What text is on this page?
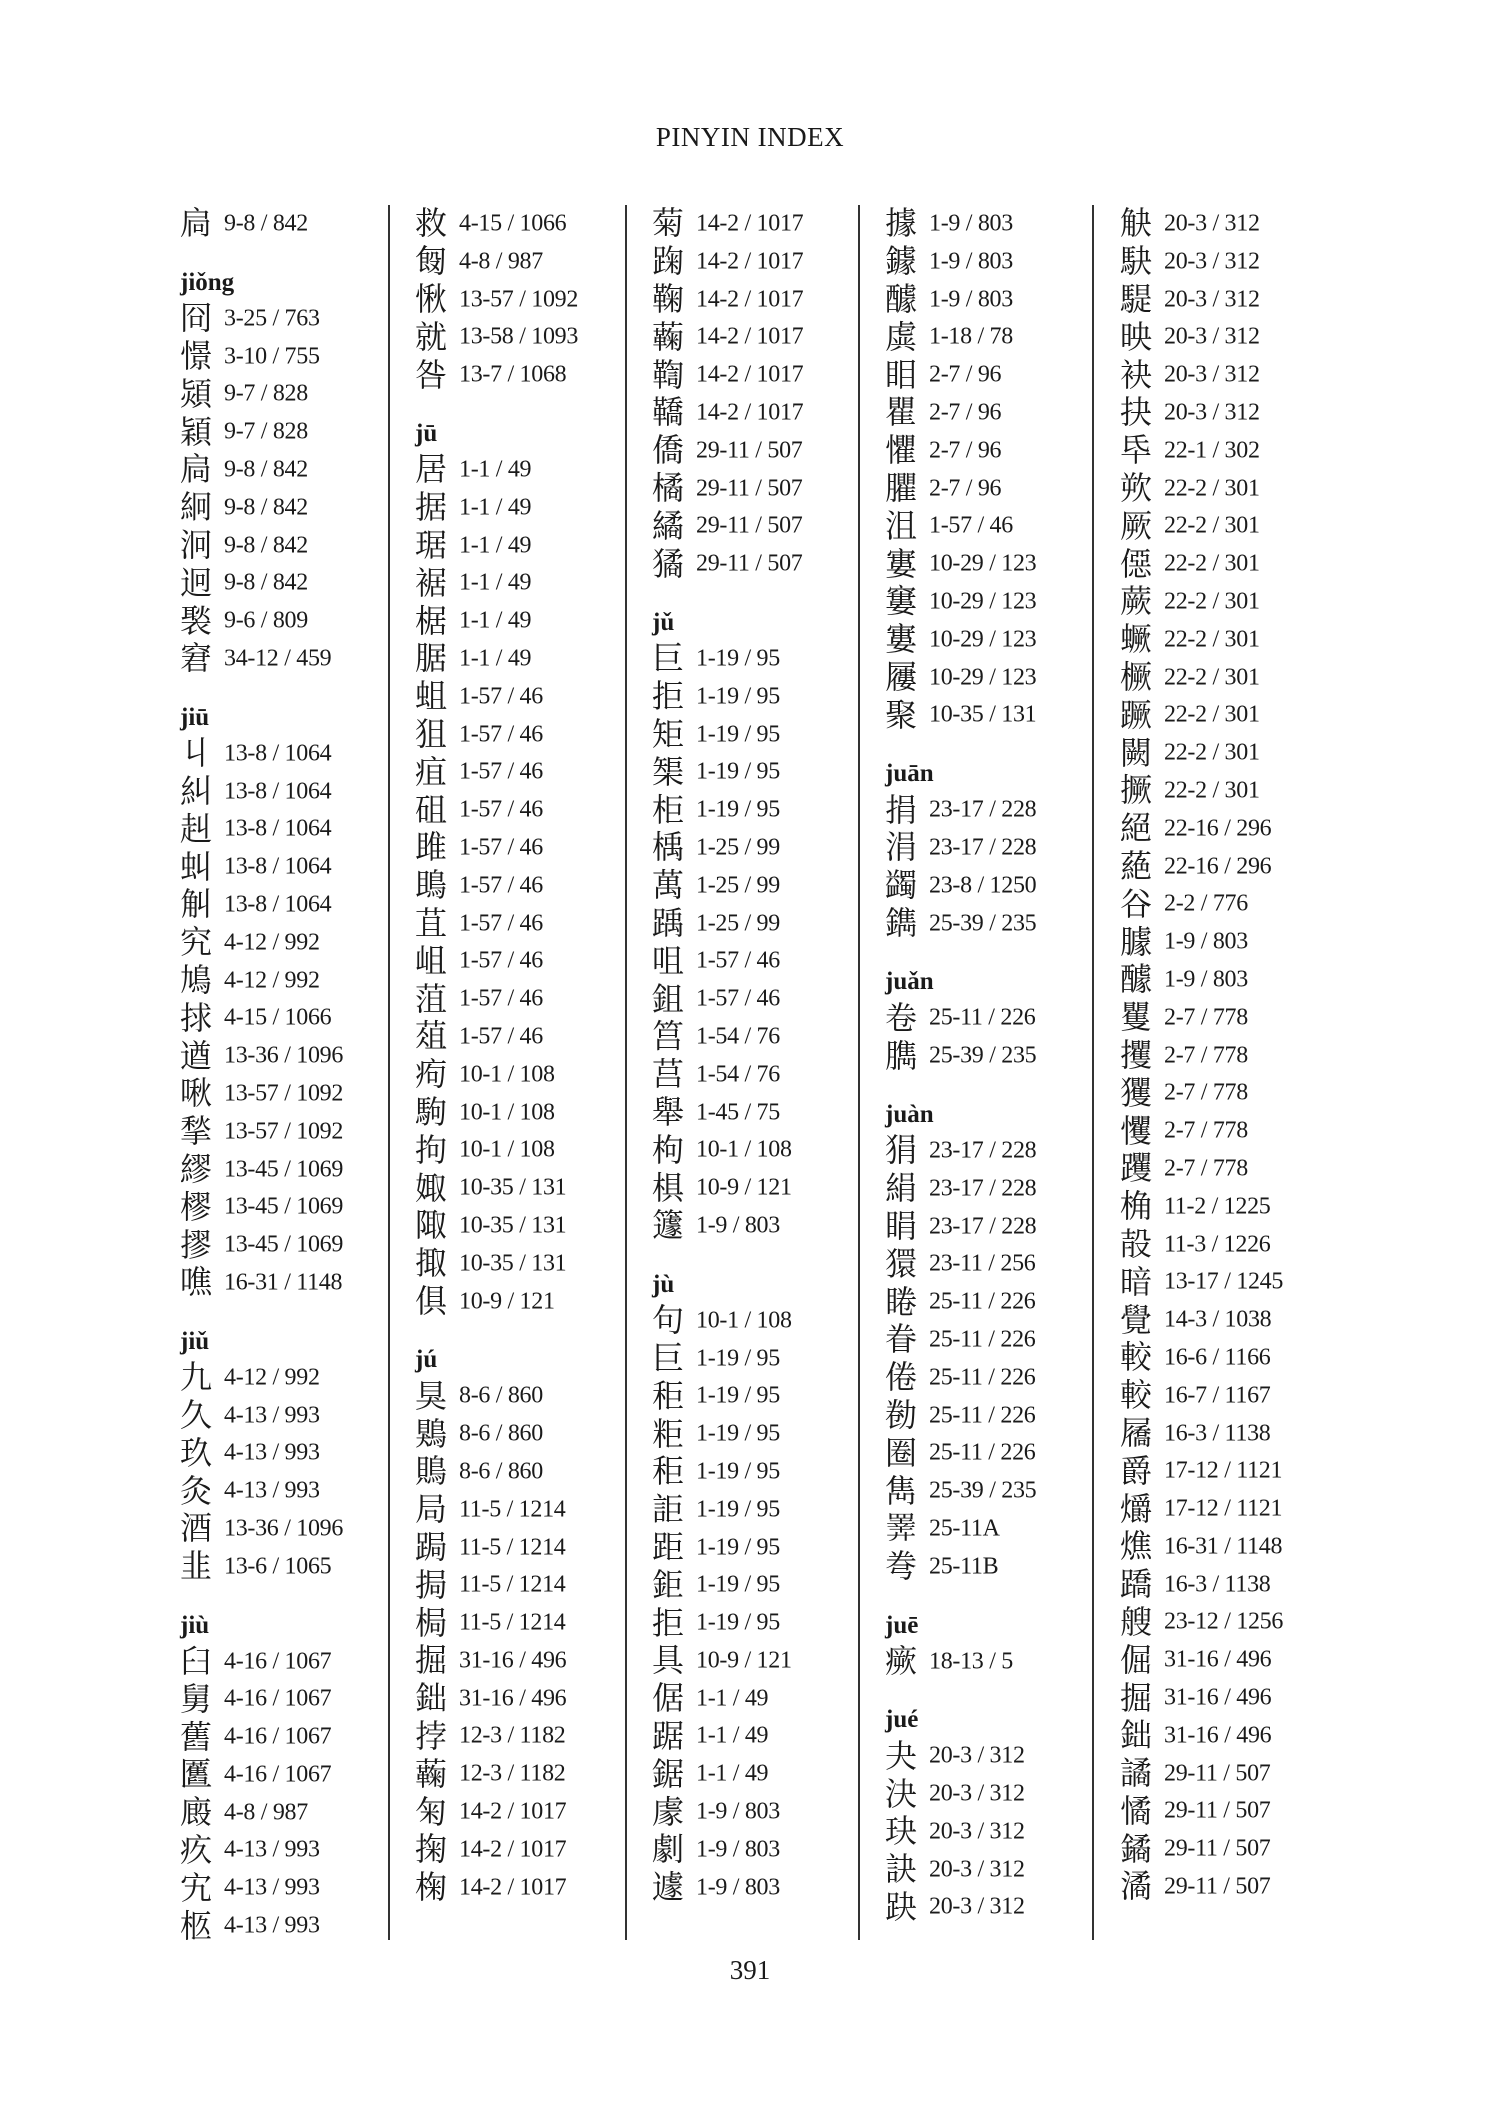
PINYIN INDEX
扃 9-8 / 842
jiǒng
冏 3-25 / 763
憬 3-10 / 755
熲 9-7 / 828
穎 9-7 / 828
扃 9-8 / 842
絅 9-8 / 842
泂 9-8 / 842
迥 9-8 / 842
褧 9-6 / 809
窘 34-12 / 459
jiū
丩 13-8 / 1064
糾 13-8 / 1064
赳 13-8 / 1064
虯 13-8 / 1064
觓 13-8 / 1064
究 4-12 / 992
鳩 4-12 / 992
捄 4-15 / 1066
遒 13-36 / 1096
啾 13-57 / 1092
揫 13-57 / 1092
繆 13-45 / 1069
樛 13-45 / 1069
摎 13-45 / 1069
噍 16-31 / 1148
jiǔ
九 4-12 / 992
久 4-13 / 993
玖 4-13 / 993
灸 4-13 / 993
酒 13-36 / 1096
韭 13-6 / 1065
jiù
臼 4-16 / 1067
舅 4-16 / 1067
舊 4-16 / 1067
匶 4-16 / 1067
廄 4-8 / 987
疚 4-13 / 993
宄 4-13 / 993
柩 4-13 / 993
救 4-15 / 1066
匓 4-8 / 987
愀 13-57 / 1092
就 13-58 / 1093
咎 13-7 / 1068
jū
居 1-1 / 49
据 1-1 / 49
琚 1-1 / 49
裾 1-1 / 49
椐 1-1 / 49
腒 1-1 / 49
蛆 1-57 / 46
狙 1-57 / 46
疽 1-57 / 46
砠 1-57 / 46
雎 1-57 / 46
鴡 1-57 / 46
苴 1-57 / 46
岨 1-57 / 46
菹 1-57 / 46
葅 1-57 / 46
痀 10-1 / 108
駒 10-1 / 108
拘 10-1 / 108
娵 10-35 / 131
陬 10-35 / 131
掫 10-35 / 131
俱 10-9 / 121
jú
狊 8-6 / 860
鶪 8-6 / 860
鵙 8-6 / 860
局 11-5 / 1214
跼 11-5 / 1214
挶 11-5 / 1214
梮 11-5 / 1214
掘 31-16 / 496
鈯 31-16 / 496
挬 12-3 / 1182
蘜 12-3 / 1182
匊 14-2 / 1017
掬 14-2 / 1017
椈 14-2 / 1017
菊 14-2 / 1017
踘 14-2 / 1017
鞠 14-2 / 1017
蘜 14-2 / 1017
鞫 14-2 / 1017
鞽 14-2 / 1017
僑 29-11 / 507
橘 29-11 / 507
繘 29-11 / 507
獝 29-11 / 507
jǔ
巨 1-19 / 95
拒 1-19 / 95
矩 1-19 / 95
榘 1-19 / 95
柜 1-19 / 95
楀 1-25 / 99
萬 1-25 / 99
踽 1-25 / 99
咀 1-57 / 46
鉏 1-57 / 46
筥 1-54 / 76
莒 1-54 / 76
舉 1-45 / 75
枸 10-1 / 108
椇 10-9 / 121
籧 1-9 / 803
jù
句 10-1 / 108
巨 1-19 / 95
秬 1-19 / 95
粔 1-19 / 95
秬 1-19 / 95
詎 1-19 / 95
距 1-19 / 95
鉅 1-19 / 95
拒 1-19 / 95
具 10-9 / 121
倨 1-1 / 49
踞 1-1 / 49
鋸 1-1 / 49
豦 1-9 / 803
劇 1-9 / 803
遽 1-9 / 803
據 1-9 / 803
鐻 1-9 / 803
醵 1-9 / 803
虡 1-18 / 78
䀠 2-7 / 96
瞿 2-7 / 96
懼 2-7 / 96
臞 2-7 / 96
沮 1-57 / 46
寠 10-29 / 123
窶 10-29 / 123
寠 10-29 / 123
屨 10-29 / 123
聚 10-35 / 131
juān
捐 23-17 / 228
涓 23-17 / 228
蠲 23-8 / 1250
鐫 25-39 / 235
juǎn
卷 25-11 / 226
臇 25-39 / 235
juàn
狷 23-17 / 228
絹 23-17 / 228
睊 23-17 / 228
獧 23-11 / 256
睠 25-11 / 226
眷 25-11 / 226
倦 25-11 / 226
勌 25-11 / 226
圈 25-11 / 226
雋 25-39 / 235
𢍰 25-11A
弮 25-11B
juē
瘚 18-13 / 5
jué
夬 20-3 / 312
決 20-3 / 312
玦 20-3 / 312
訣 20-3 / 312
趹 20-3 / 312
觖 20-3 / 312
駃 20-3 / 312
騠 20-3 / 312
映 20-3 / 312
袂 20-3 / 312
抉 20-3 / 312
氒 22-1 / 302
欮 22-2 / 301
厥 22-2 / 301
僫 22-2 / 301
蕨 22-2 / 301
蟩 22-2 / 301
橛 22-2 / 301
蹶 22-2 / 301
闕 22-2 / 301
撅 22-2 / 301
絕 22-16 / 296
蕝 22-16 / 296
谷 2-2 / 776
臄 1-9 / 803
醵 1-9 / 803
矍 2-7 / 778
攫 2-7 / 778
玃 2-7 / 778
戄 2-7 / 778
躩 2-7 / 778
桷 11-2 / 1225
㱿 11-3 / 1226
暗 13-17 / 1245
覺 14-3 / 1038
較 16-6 / 1166
較 16-7 / 1167
屩 16-3 / 1138
爵 17-12 / 1121
爝 17-12 / 1121
燋 16-31 / 1148
蹻 16-3 / 1138
艘 23-12 / 1256
倔 31-16 / 496
掘 31-16 / 496
鈯 31-16 / 496
譎 29-11 / 507
憰 29-11 / 507
鐍 29-11 / 507
潏 29-11 / 507
391
